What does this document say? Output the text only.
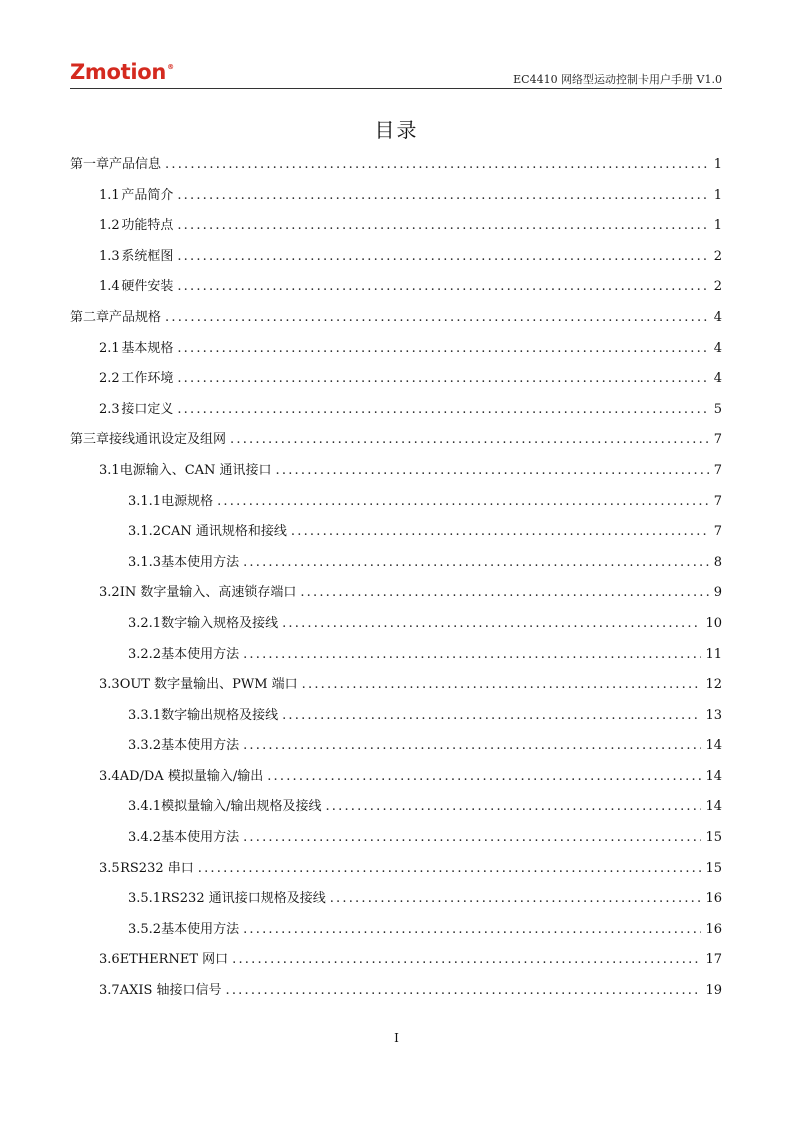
Zmotion®
EC4410 网络型运动控制卡用户手册 V1.0
目录
第一章 产品信息 .....	1
1.1 产品简介 .....	1
1.2 功能特点 .....	1
1.3 系统框图 .....	2
1.4 硬件安装 .....	2
第二章 产品规格 .....	4
2.1 基本规格 .....	4
2.2 工作环境 .....	4
2.3 接口定义 .....	5
第三章 接线通讯设定及组网 .....	7
3.1 电源输入、CAN 通讯接口 .....	7
3.1.1 电源规格 .....	7
3.1.2 CAN 通讯规格和接线 .....	7
3.1.3 基本使用方法 .....	8
3.2 IN 数字量输入、高速锁存端口 .....	9
3.2.1 数字输入规格及接线 .....	10
3.2.2 基本使用方法 .....	11
3.3 OUT 数字量输出、PWM 端口 .....	12
3.3.1 数字输出规格及接线 .....	13
3.3.2 基本使用方法 .....	14
3.4 AD/DA 模拟量输入/输出 .....	14
3.4.1 模拟量输入/输出规格及接线 .....	14
3.4.2 基本使用方法 .....	15
3.5 RS232 串口 .....	15
3.5.1 RS232 通讯接口规格及接线 .....	16
3.5.2 基本使用方法 .....	16
3.6 ETHERNET 网口 .....	17
3.7 AXIS 轴接口信号 .....	19
I
